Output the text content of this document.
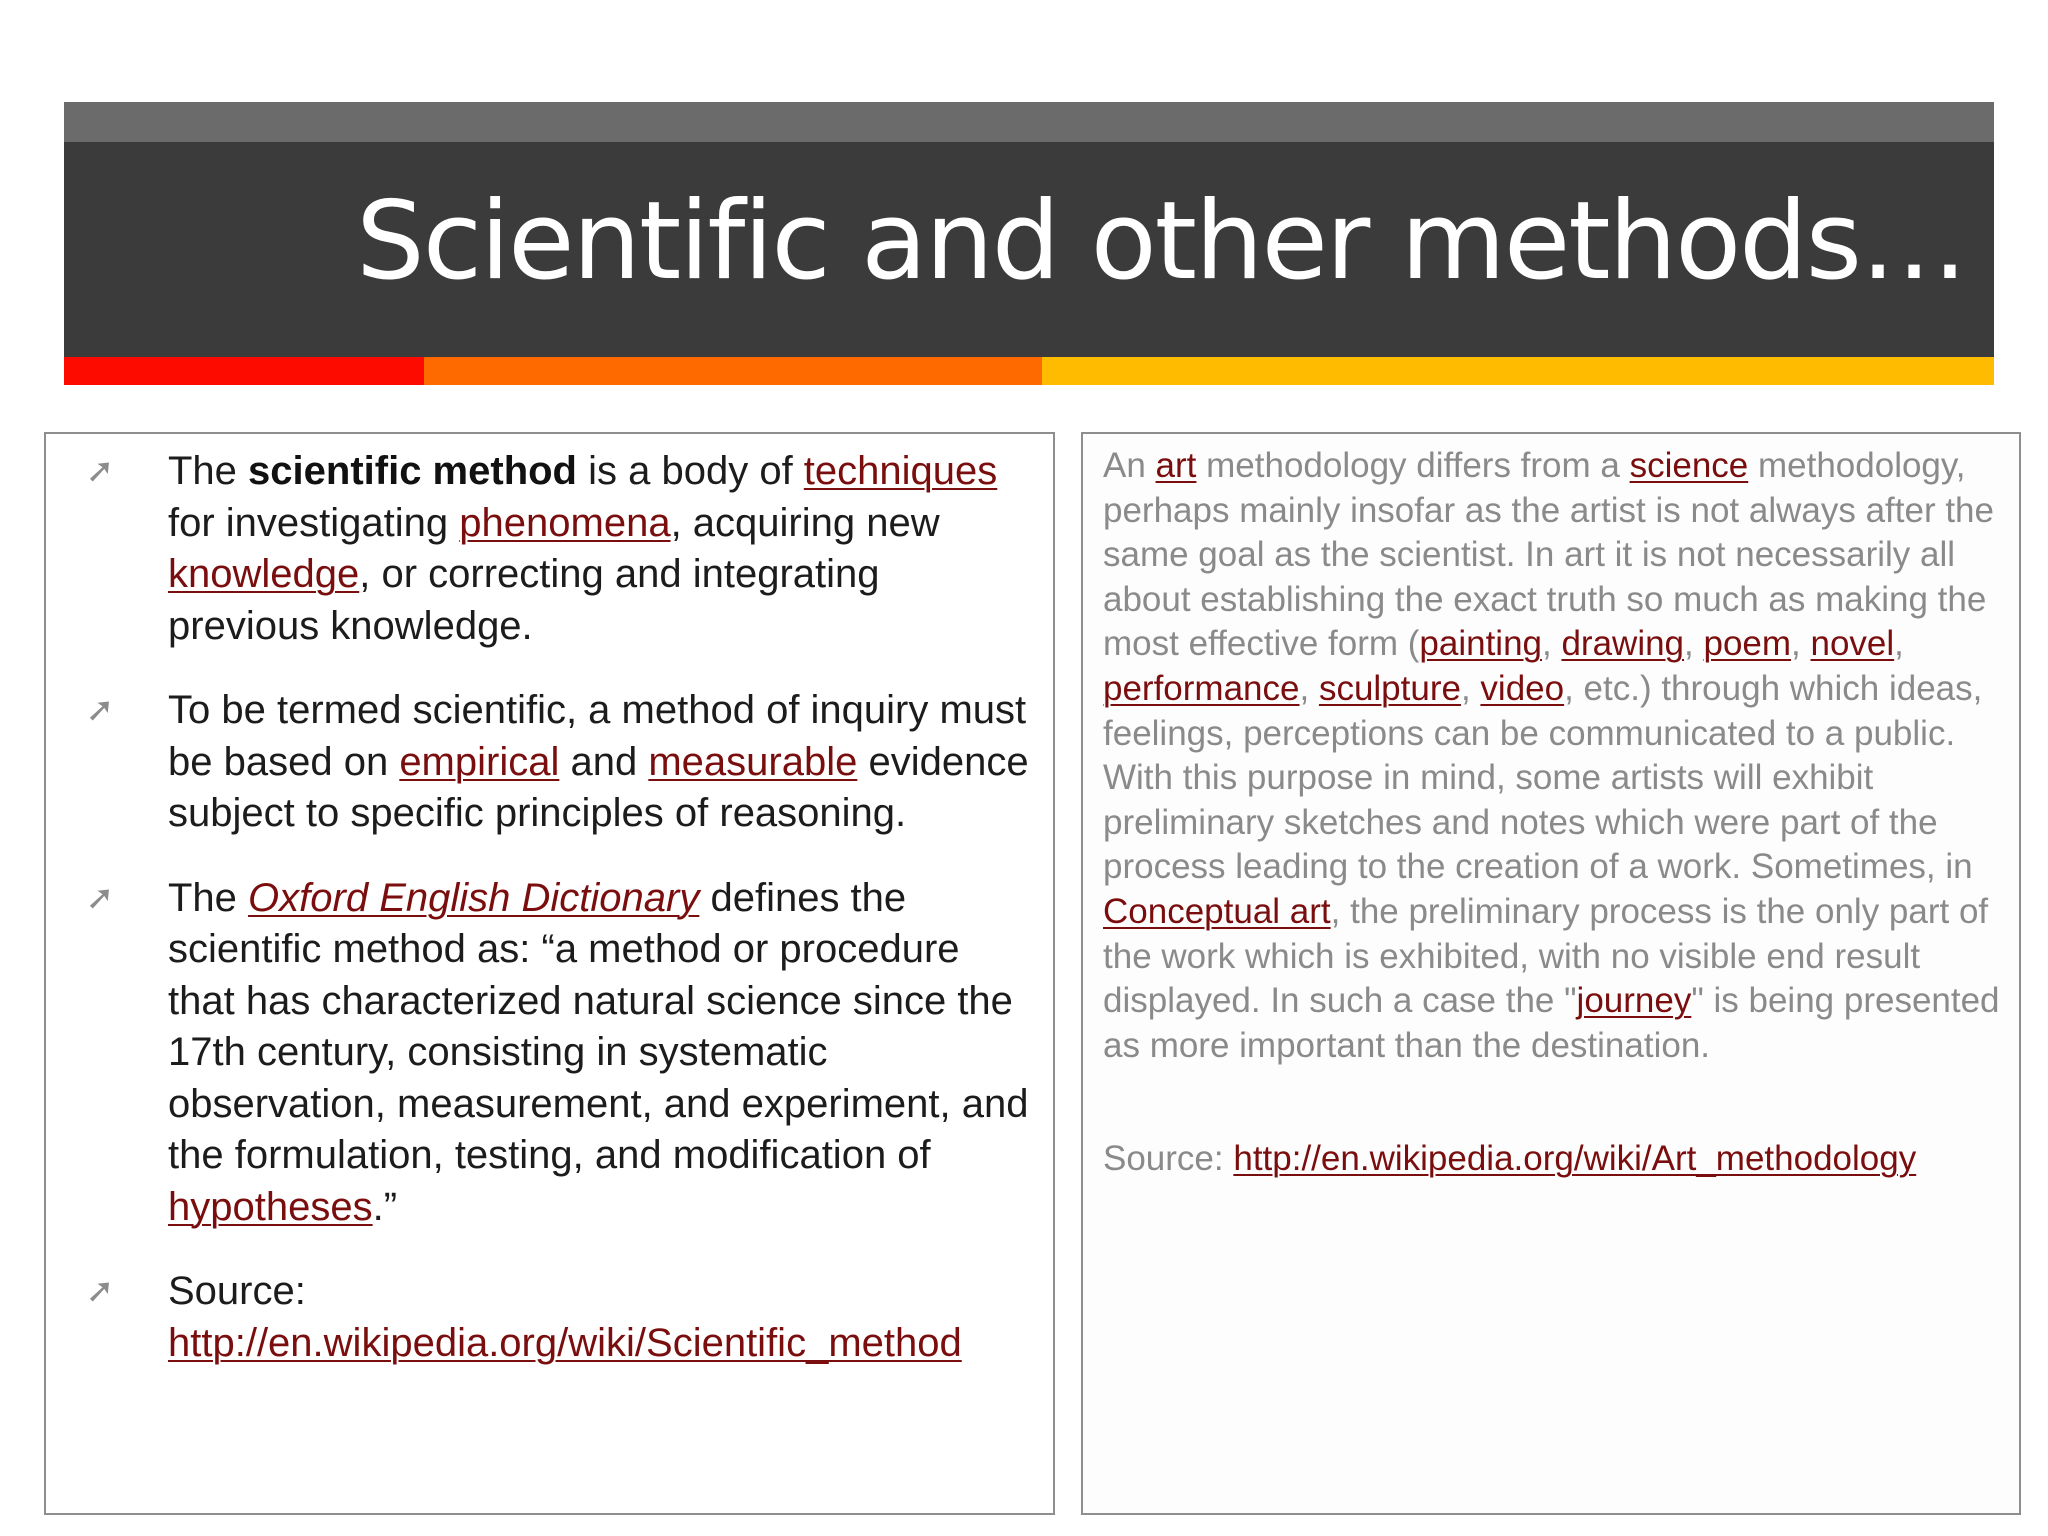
Scientific and other methods…
➚	The scientific method is a body of techniques for investigating phenomena, acquiring new knowledge, or correcting and integrating previous knowledge.
➚	To be termed scientific, a method of inquiry must be based on empirical and measurable evidence subject to specific principles of reasoning.
➚	The Oxford English Dictionary defines the scientific method as: “a method or procedure that has characterized natural science since the 17th century, consisting in systematic observation, measurement, and experiment, and the formulation, testing, and modification of hypotheses.”
➚	Source: http://en.wikipedia.org/wiki/Scientific_method

An art methodology differs from a science methodology, perhaps mainly insofar as the artist is not always after the same goal as the scientist. In art it is not necessarily all about establishing the exact truth so much as making the most effective form (painting, drawing, poem, novel, performance, sculpture, video, etc.) through which ideas, feelings, perceptions can be communicated to a public. With this purpose in mind, some artists will exhibit preliminary sketches and notes which were part of the process leading to the creation of a work. Sometimes, in Conceptual art, the preliminary process is the only part of the work which is exhibited, with no visible end result displayed. In such a case the "journey" is being presented as more important than the destination.

Source: http://en.wikipedia.org/wiki/Art_methodology
